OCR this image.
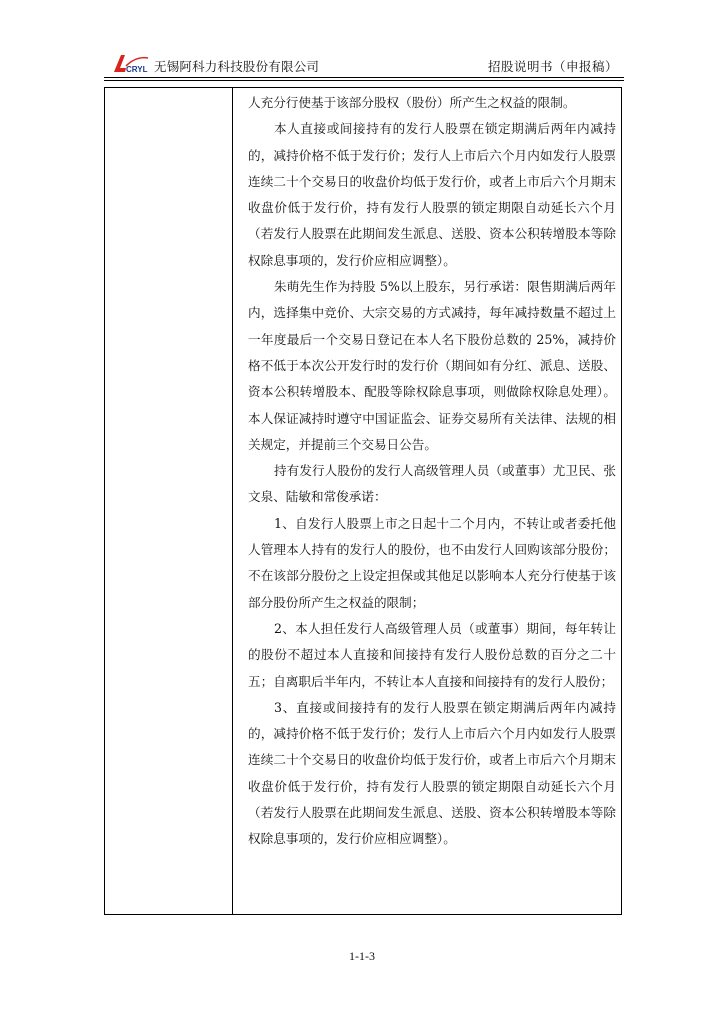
CRYL 无锡阿科力科技股份有限公司	招股说明书（申报稿）

人充分行使基于该部分股权（股份）所产生之权益的限制。

本人直接或间接持有的发行人股票在锁定期满后两年内减持的，减持价格不低于发行价；发行人上市后六个月内如发行人股票连续二十个交易日的收盘价均低于发行价，或者上市后六个月期末收盘价低于发行价，持有发行人股票的锁定期限自动延长六个月（若发行人股票在此期间发生派息、送股、资本公积转增股本等除权除息事项的，发行价应相应调整）。

朱萌先生作为持股 5%以上股东，另行承诺：限售期满后两年内，选择集中竞价、大宗交易的方式减持，每年减持数量不超过上一年度最后一个交易日登记在本人名下股份总数的 25%，减持价格不低于本次公开发行时的发行价（期间如有分红、派息、送股、资本公积转增股本、配股等除权除息事项，则做除权除息处理）。本人保证减持时遵守中国证监会、证券交易所有关法律、法规的相关规定，并提前三个交易日公告。

持有发行人股份的发行人高级管理人员（或董事）尤卫民、张文泉、陆敏和常俊承诺：

1、自发行人股票上市之日起十二个月内，不转让或者委托他人管理本人持有的发行人的股份，也不由发行人回购该部分股份；不在该部分股份之上设定担保或其他足以影响本人充分行使基于该部分股份所产生之权益的限制；

2、本人担任发行人高级管理人员（或董事）期间，每年转让的股份不超过本人直接和间接持有发行人股份总数的百分之二十五；自离职后半年内，不转让本人直接和间接持有的发行人股份；

3、直接或间接持有的发行人股票在锁定期满后两年内减持的，减持价格不低于发行价；发行人上市后六个月内如发行人股票连续二十个交易日的收盘价均低于发行价，或者上市后六个月期末收盘价低于发行价，持有发行人股票的锁定期限自动延长六个月（若发行人股票在此期间发生派息、送股、资本公积转增股本等除权除息事项的，发行价应相应调整）。

1-1-3
